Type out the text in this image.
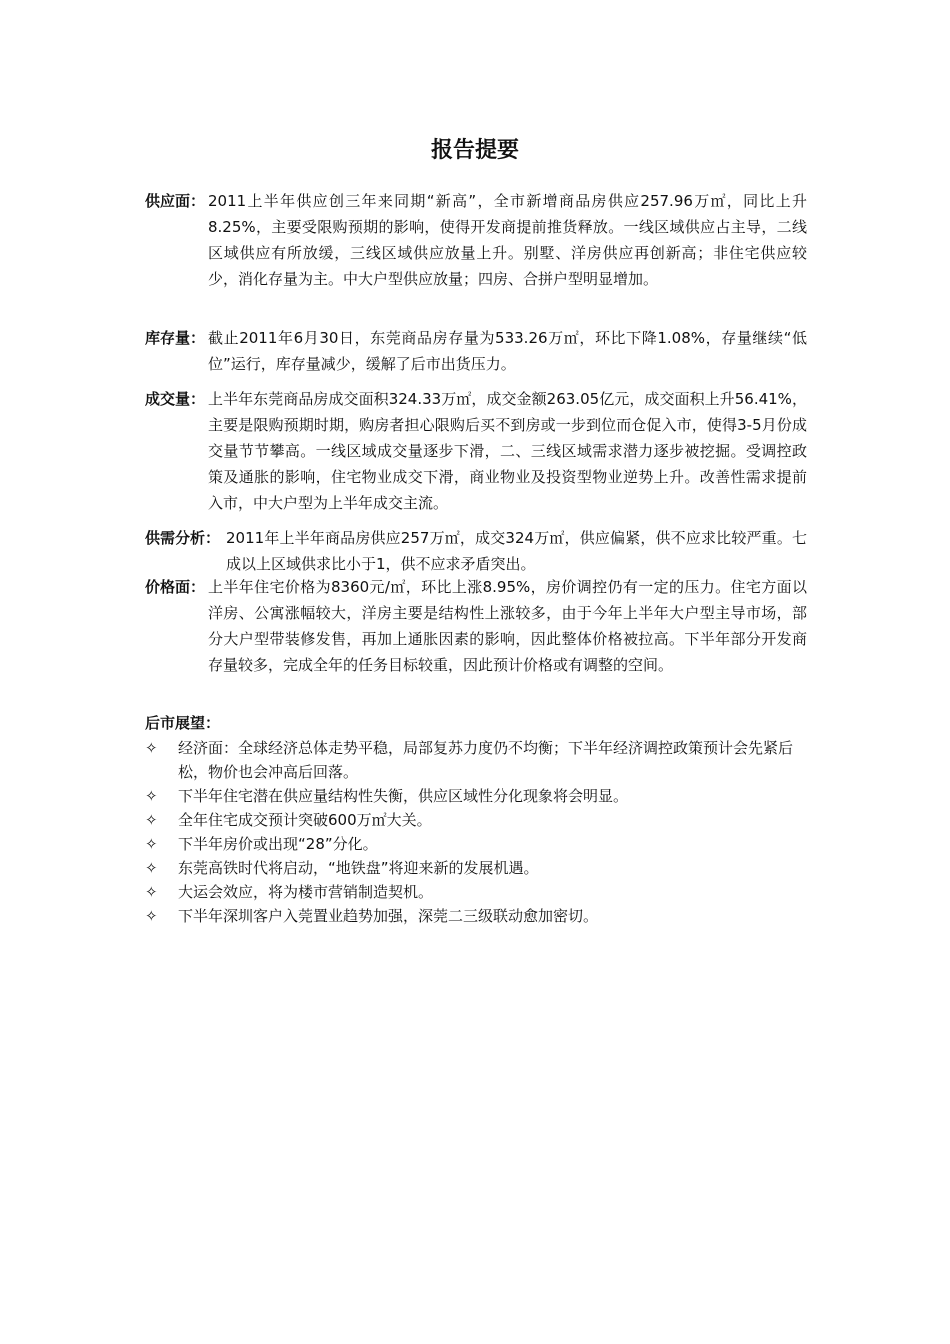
报告提要
供应面： 2011上半年供应创三年来同期“新高”，全市新增商品房供应257.96万㎡，同比上升8.25%，主要受限购预期的影响，使得开发商提前推货释放。一线区域供应占主导，二线区域供应有所放缓，三线区域供应放量上升。别墅、洋房供应再创新高；非住宅供应较少，消化存量为主。中大户型供应放量；四房、合拼户型明显增加。
库存量： 截止2011年6月30日，东莞商品房存量为533.26万㎡，环比下降1.08%，存量继续“低位”运行，库存量减少，缓解了后市出货压力。
成交量： 上半年东莞商品房成交面积324.33万㎡，成交金额263.05亿元，成交面积上升56.41%，主要是限购预期时期，购房者担心限购后买不到房或一步到位而仓促入市，使得3-5月份成交量节节攀高。一线区域成交量逐步下滑，二、三线区域需求潜力逐步被挖掘。受调控政策及通胀的影响，住宅物业成交下滑，商业物业及投资型物业逆势上升。改善性需求提前入市，中大户型为上半年成交主流。
供需分析： 2011年上半年商品房供应257万㎡，成交324万㎡，供应偏紧，供不应求比较严重。七成以上区域供求比小于1，供不应求矛盾突出。
价格面： 上半年住宅价格为8360元/㎡，环比上涨8.95%，房价调控仍有一定的压力。住宅方面以洋房、公寓涨幅较大，洋房主要是结构性上涨较多，由于今年上半年大户型主导市场，部分大户型带装修发售，再加上通胀因素的影响，因此整体价格被拉高。下半年部分开发商存量较多，完成全年的任务目标较重，因此预计价格或有调整的空间。
后市展望：
✧ 经济面：全球经济总体走势平稳，局部复苏力度仍不均衡；下半年经济调控政策预计会先紧后松，物价也会冲高后回落。
✧ 下半年住宅潜在供应量结构性失衡，供应区域性分化现象将会明显。
✧ 全年住宅成交预计突破600万㎡大关。
✧ 下半年房价或出现“28”分化。
✧ 东莞高铁时代将启动，“地铁盘”将迎来新的发展机遇。
✧ 大运会效应，将为楼市营销制造契机。
✧ 下半年深圳客户入莞置业趋势加强，深莞二三级联动愈加密切。
